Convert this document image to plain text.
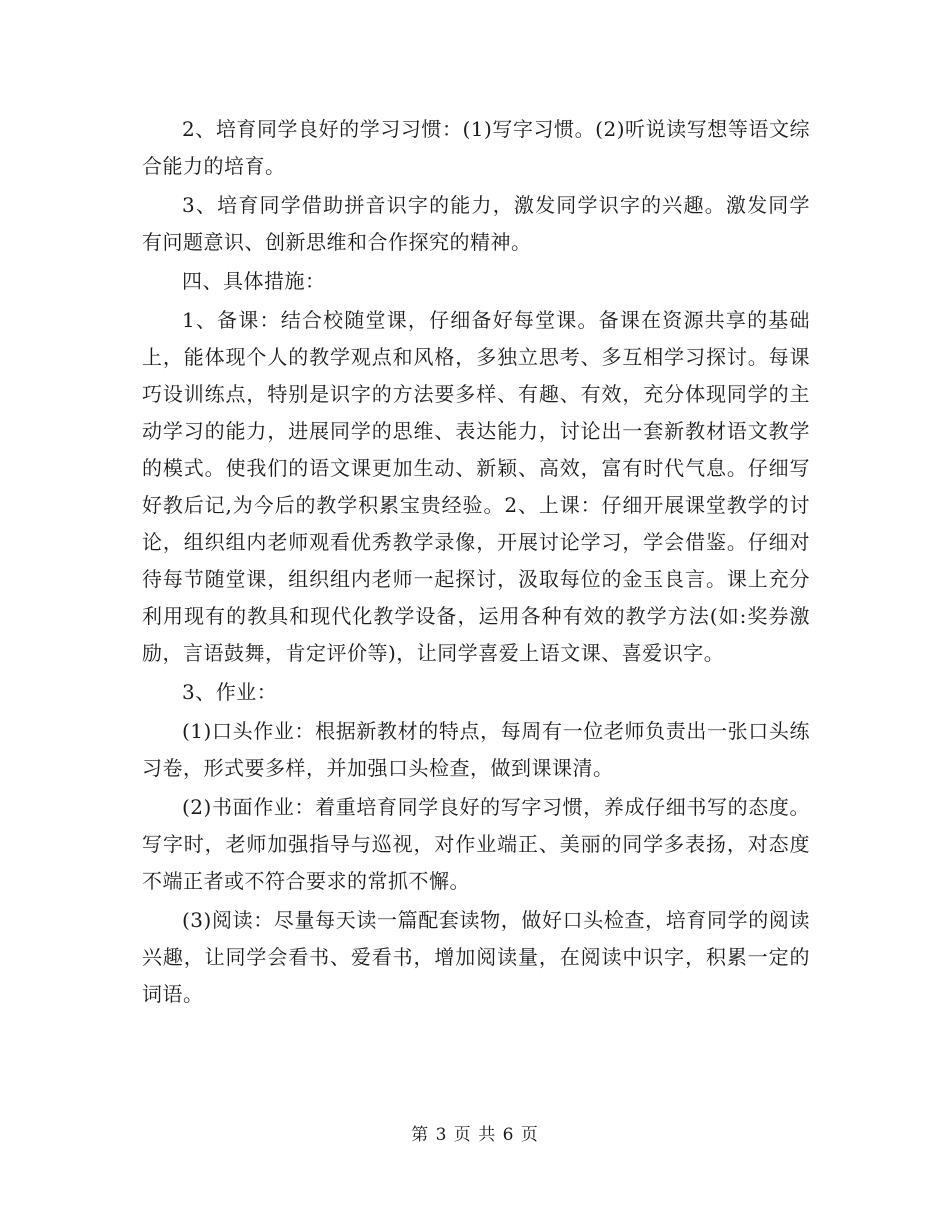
2、培育同学良好的学习习惯：(1)写字习惯。(2)听说读写想等语文综合能力的培育。

3、培育同学借助拼音识字的能力，激发同学识字的兴趣。激发同学有问题意识、创新思维和合作探究的精神。

四、具体措施：

1、备课：结合校随堂课，仔细备好每堂课。备课在资源共享的基础上，能体现个人的教学观点和风格，多独立思考、多互相学习探讨。每课巧设训练点，特别是识字的方法要多样、有趣、有效，充分体现同学的主动学习的能力，进展同学的思维、表达能力，讨论出一套新教材语文教学的模式。使我们的语文课更加生动、新颖、高效，富有时代气息。仔细写好教后记,为今后的教学积累宝贵经验。2、上课：仔细开展课堂教学的讨论，组织组内老师观看优秀教学录像，开展讨论学习，学会借鉴。仔细对待每节随堂课，组织组内老师一起探讨，汲取每位的金玉良言。课上充分利用现有的教具和现代化教学设备，运用各种有效的教学方法(如:奖券激励，言语鼓舞，肯定评价等)，让同学喜爱上语文课、喜爱识字。

3、作业：

(1)口头作业：根据新教材的特点，每周有一位老师负责出一张口头练习卷，形式要多样，并加强口头检查，做到课课清。

(2)书面作业：着重培育同学良好的写字习惯，养成仔细书写的态度。写字时，老师加强指导与巡视，对作业端正、美丽的同学多表扬，对态度不端正者或不符合要求的常抓不懈。

(3)阅读：尽量每天读一篇配套读物，做好口头检查，培育同学的阅读兴趣，让同学会看书、爱看书，增加阅读量，在阅读中识字，积累一定的词语。

第 3 页 共 6 页
